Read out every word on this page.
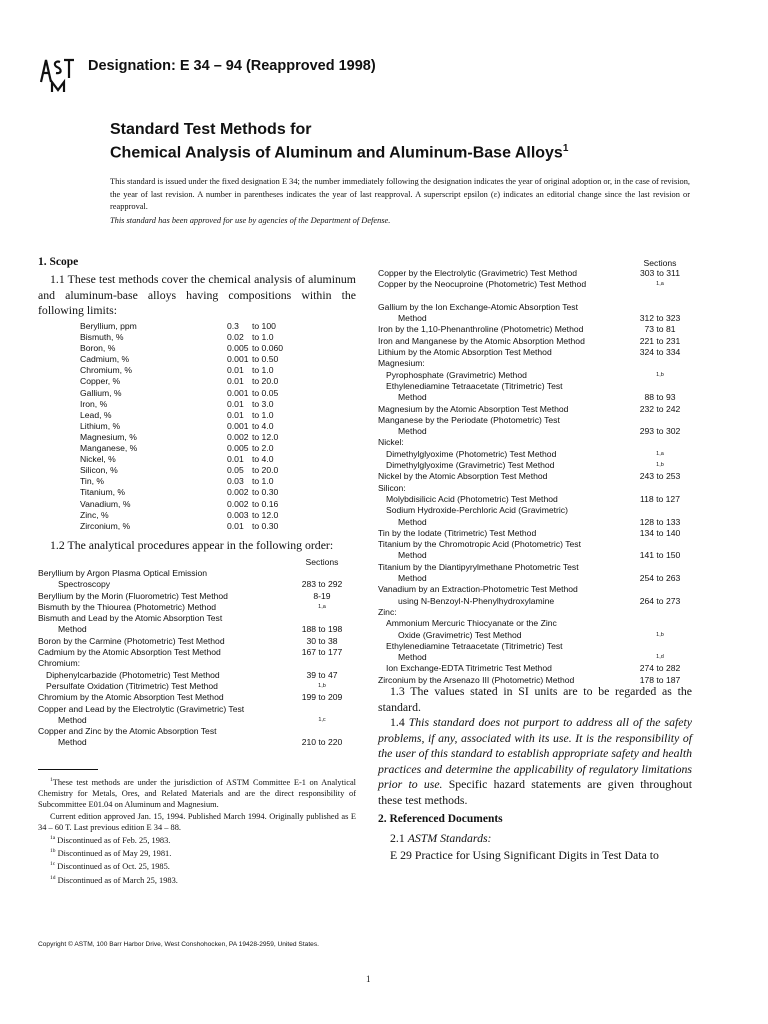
Designation: E 34 – 94 (Reapproved 1998)
Standard Test Methods for
Chemical Analysis of Aluminum and Aluminum-Base Alloys$^1$
This standard is issued under the fixed designation E 34; the number immediately following the designation indicates the year of original adoption or, in the case of revision, the year of last revision. A number in parentheses indicates the year of last reapproval. A superscript epsilon (ε) indicates an editorial change since the last revision or reapproval.
This standard has been approved for use by agencies of the Department of Defense.
1. Scope
1.1 These test methods cover the chemical analysis of aluminum and aluminum-base alloys having compositions within the following limits:
Beryllium, ppm	0.3 to 100
Bismuth, %	0.02 to 1.0
Boron, %	0.005 to 0.060
Cadmium, %	0.001 to 0.50
Chromium, %	0.01 to 1.0
Copper, %	0.01 to 20.0
Gallium, %	0.001 to 0.05
Iron, %	0.01 to 3.0
Lead, %	0.01 to 1.0
Lithium, %	0.001 to 4.0
Magnesium, %	0.002 to 12.0
Manganese, %	0.005 to 2.0
Nickel, %	0.01 to 4.0
Silicon, %	0.05 to 20.0
Tin, %	0.03 to 1.0
Titanium, %	0.002 to 0.30
Vanadium, %	0.002 to 0.16
Zinc, %	0.003 to 12.0
Zirconium, %	0.01 to 0.30
1.2 The analytical procedures appear in the following order:
Sections
Beryllium by Argon Plasma Optical Emission
Spectroscopy	283 to 292
Beryllium by the Morin (Fluorometric) Test Method	8-19
Bismuth by the Thiourea (Photometric) Method	1,a
Bismuth and Lead by the Atomic Absorption Test
Method	188 to 198
Boron by the Carmine (Photometric) Test Method	30 to 38
Cadmium by the Atomic Absorption Test Method	167 to 177
Chromium:
Diphenylcarbazide (Photometric) Test Method	39 to 47
Persulfate Oxidation (Titrimetric) Test Method	1,b
Chromium by the Atomic Absorption Test Method	199 to 209
Copper and Lead by the Electrolytic (Gravimetric) Test
Method	1,c
Copper and Zinc by the Atomic Absorption Test
Method	210 to 220
Sections
Copper by the Electrolytic (Gravimetric) Test Method	303 to 311
Copper by the Neocuproine (Photometric) Test Method	1,a
Gallium by the Ion Exchange-Atomic Absorption Test
Method	312 to 323
Iron by the 1,10-Phenanthroline (Photometric) Method	73 to 81
Iron and Manganese by the Atomic Absorption Method	221 to 231
Lithium by the Atomic Absorption Test Method	324 to 334
Magnesium:
Pyrophosphate (Gravimetric) Method	1,b
Ethylenediamine Tetraacetate (Titrimetric) Test
Method	88 to 93
Magnesium by the Atomic Absorption Test Method	232 to 242
Manganese by the Periodate (Photometric) Test
Method	293 to 302
Nickel:
Dimethylglyoxime (Photometric) Test Method	1,a
Dimethylglyoxime (Gravimetric) Test Method	1,b
Nickel by the Atomic Absorption Test Method	243 to 253
Silicon:
Molybdisilicic Acid (Photometric) Test Method	118 to 127
Sodium Hydroxide-Perchloric Acid (Gravimetric)
Method	128 to 133
Tin by the Iodate (Titrimetric) Test Method	134 to 140
Titanium by the Chromotropic Acid (Photometric) Test
Method	141 to 150
Titanium by the Diantipyrylmethane Photometric Test
Method	254 to 263
Vanadium by an Extraction-Photometric Test Method
using N-Benzoyl-N-Phenylhydroxylamine	264 to 273
Zinc:
Ammonium Mercuric Thiocyanate or the Zinc
Oxide (Gravimetric) Test Method	1,b
Ethylenediamine Tetraacetate (Titrimetric) Test
Method	1,d
Ion Exchange-EDTA Titrimetric Test Method	274 to 282
Zirconium by the Arsenazo III (Photometric) Method	178 to 187
1.3 The values stated in SI units are to be regarded as the standard.
1.4 This standard does not purport to address all of the safety problems, if any, associated with its use. It is the responsibility of the user of this standard to establish appropriate safety and health practices and determine the applicability of regulatory limitations prior to use. Specific hazard statements are given throughout these test methods.
2. Referenced Documents
2.1 ASTM Standards:
E 29 Practice for Using Significant Digits in Test Data to

$^1$These test methods are under the jurisdiction of ASTM Committee E-1 on Analytical Chemistry for Metals, Ores, and Related Materials and are the direct responsibility of Subcommittee E01.04 on Aluminum and Magnesium.

Current edition approved Jan. 15, 1994. Published March 1994. Originally published as E 34 – 60 T. Last previous edition E 34 – 88.

$^{1a}$ Discontinued as of Feb. 25, 1983.

$^{1b}$ Discontinued as of May 29, 1981.

$^{1c}$ Discontinued as of Oct. 25, 1985.

$^{1d}$ Discontinued as of March 25, 1983.

Copyright © ASTM, 100 Barr Harbor Drive, West Conshohocken, PA 19428-2959, United States.
1
